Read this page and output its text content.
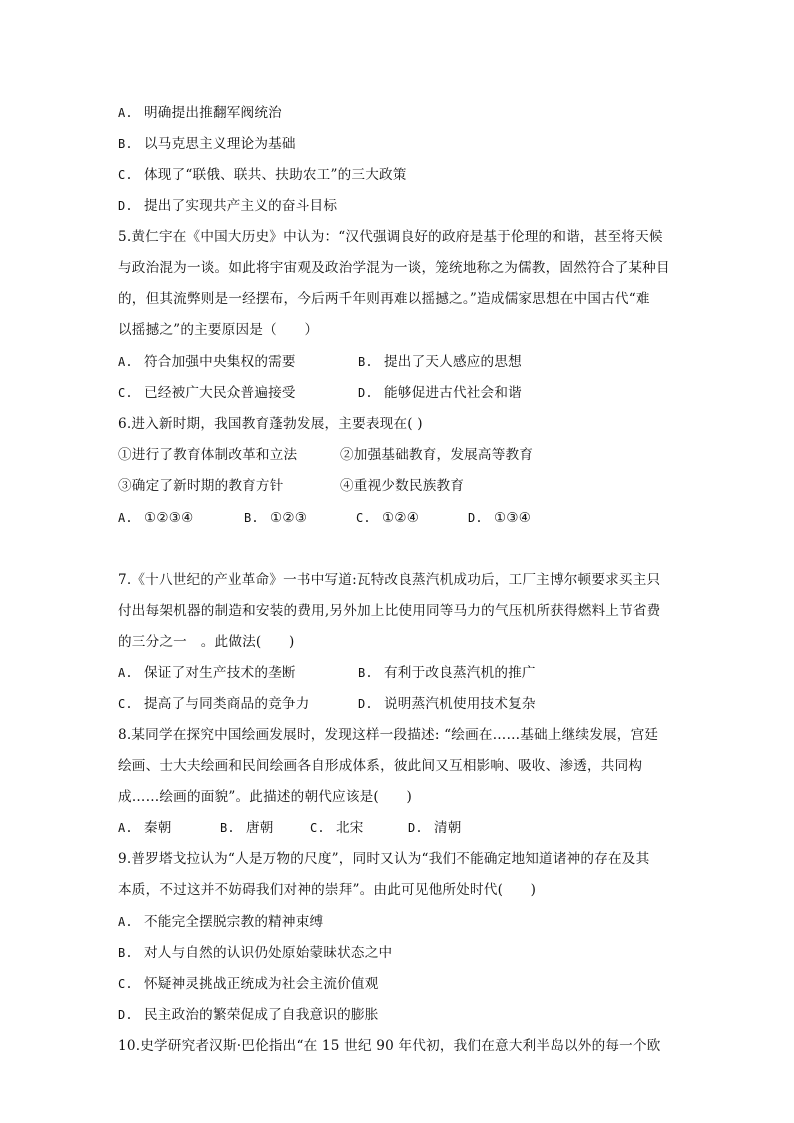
A. 明确提出推翻军阀统治
B. 以马克思主义理论为基础
C. 体现了“联俄、联共、扶助农工”的三大政策
D. 提出了实现共产主义的奋斗目标
5.黄仁宇在《中国大历史》中认为：“汉代强调良好的政府是基于伦理的和谐，甚至将天候
与政治混为一谈。如此将宇宙观及政治学混为一谈，笼统地称之为儒教，固然符合了某种目
的，但其流弊则是一经摆布，今后两千年则再难以摇撼之。”造成儒家思想在中国古代“难
以摇撼之”的主要原因是（　　）
A. 符合加强中央集权的需要	B. 提出了天人感应的思想
C. 已经被广大民众普遍接受	D. 能够促进古代社会和谐
6.进入新时期，我国教育蓬勃发展，主要表现在( )
①进行了教育体制改革和立法	②加强基础教育，发展高等教育
③确定了新时期的教育方针	④重视少数民族教育
A. ①②③④	B. ①②③	C. ①②④	D. ①③④
7.《十八世纪的产业革命》一书中写道:瓦特改良蒸汽机成功后，工厂主博尔顿要求买主只
付出每架机器的制造和安装的费用,另外加上比使用同等马力的气压机所获得燃料上节省费
的三分之一　。此做法(　　)
A. 保证了对生产技术的垄断	B. 有利于改良蒸汽机的推广
C. 提高了与同类商品的竞争力	D. 说明蒸汽机使用技术复杂
8.某同学在探究中国绘画发展时，发现这样一段描述: “绘画在……基础上继续发展，宫廷
绘画、士大夫绘画和民间绘画各自形成体系，彼此间又互相影响、吸收、渗透，共同构
成……绘画的面貌”。此描述的朝代应该是(　　)
A. 秦朝	B. 唐朝	C. 北宋	D. 清朝
9.普罗塔戈拉认为“人是万物的尺度”，同时又认为“我们不能确定地知道诸神的存在及其
本质，不过这并不妨碍我们对神的崇拜”。由此可见他所处时代(　　)
A. 不能完全摆脱宗教的精神束缚
B. 对人与自然的认识仍处原始蒙昧状态之中
C. 怀疑神灵挑战正统成为社会主流价值观
D. 民主政治的繁荣促成了自我意识的膨胀
10.史学研究者汉斯·巴伦指出“在 15 世纪 90 年代初，我们在意大利半岛以外的每一个欧
